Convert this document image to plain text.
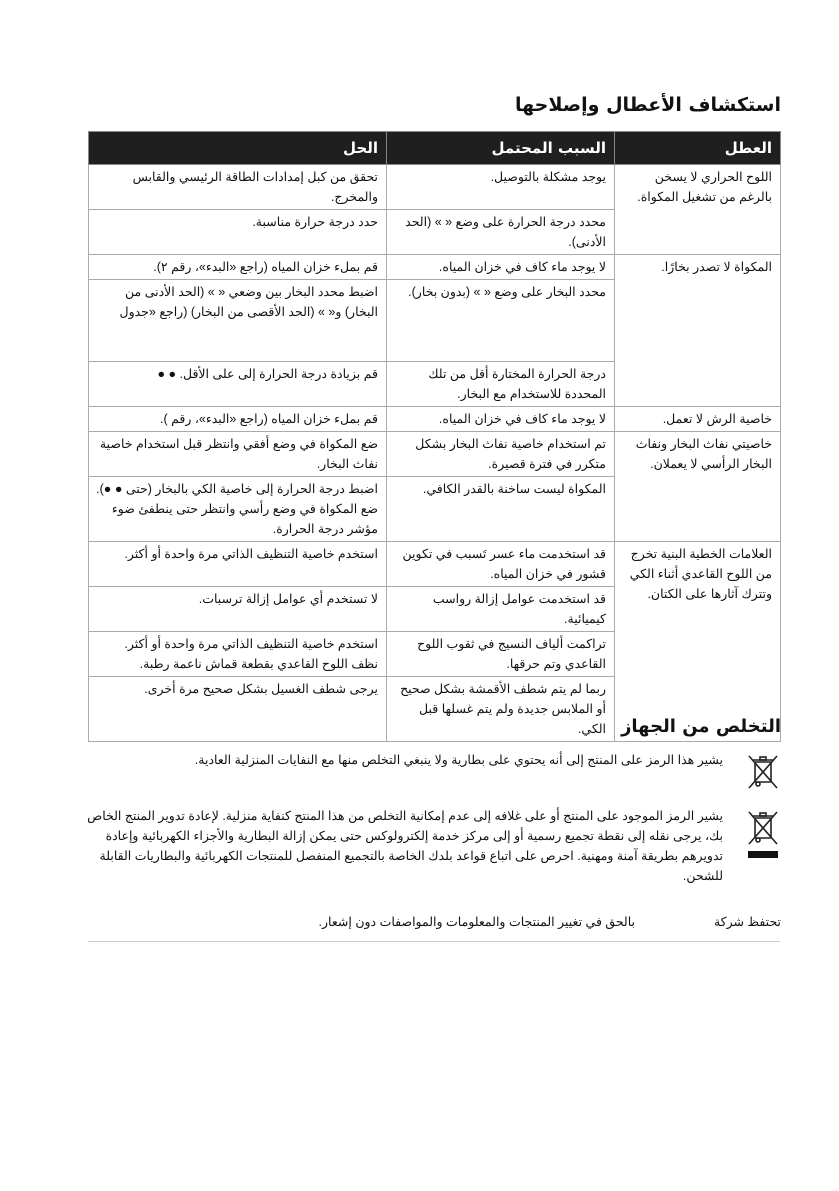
استكشاف الأعطال وإصلاحها
العطل	السبب المحتمل	الحل
اللوح الحراري لا يسخن بالرغم من تشغيل المكواة.	يوجد مشكلة بالتوصيل.	تحقق من كبل إمدادات الطاقة الرئيسي والقابس والمخرج.
	محدد درجة الحرارة على وضع « » (الحد الأدنى).	حدد درجة حرارة مناسبة.
المكواة لا تصدر بخارًا.	لا يوجد ماء كاف في خزان المياه.	قم بملء خزان المياه (راجع «البدء»، رقم ٢).
	محدد البخار على وضع « » (بدون بخار).	اضبط محدد البخار بين وضعي « » (الحد الأدنى من البخار) و« » (الحد الأقصى من البخار) (راجع «جدول
	درجة الحرارة المختارة أقل من تلك المحددة للاستخدام مع البخار.	قم بزيادة درجة الحرارة إلى على الأقل. ● ●
خاصية الرش لا تعمل.	لا يوجد ماء كاف في خزان المياه.	قم بملء خزان المياه (راجع «البدء»، رقم ).
خاصيتي نفاث البخار ونفاث البخار الرأسي لا يعملان.	تم استخدام خاصية نفاث البخار بشكل متكرر في فترة قصيرة.	ضع المكواة في وضع أفقي وانتظر قبل استخدام خاصية نفاث البخار.
	المكواة ليست ساخنة بالقدر الكافي.	اضبط درجة الحرارة إلى خاصية الكي بالبخار (حتى ● ●). ضع المكواة في وضع رأسي وانتظر حتى ينطفئ ضوء مؤشر درجة الحرارة.
العلامات الخطية البنية تخرج من اللوح القاعدي أثناء الكي وتترك آثارها على الكتان.	قد استخدمت ماء عسر تَسبب في تكوين قشور في خزان المياه.	استخدم خاصية التنظيف الذاتي مرة واحدة أو أكثر.
	قد استخدمت عوامل إزالة رواسب كيميائية.	لا تستخدم أي عوامل إزالة ترسبات.
	تراكمت ألياف النسيج في ثقوب اللوح القاعدي وتم حرقها.	استخدم خاصية التنظيف الذاتي مرة واحدة أو أكثر. نظف اللوح القاعدي بقطعة قماش ناعمة رطبة.
	ربما لم يتم شطف الأقمشة بشكل صحيح أو الملابس جديدة ولم يتم غسلها قبل الكي.	يرجى شطف الغسيل بشكل صحيح مرة أخرى.
التخلص من الجهاز
يشير هذا الرمز على المنتج إلى أنه يحتوي على بطارية ولا ينبغي التخلص منها مع النفايات المنزلية العادية.
يشير الرمز الموجود على المنتج أو على غلافه إلى عدم إمكانية التخلص من هذا المنتج كنفاية منزلية. لإعادة تدوير المنتج الخاص بك، يرجى نقله إلى نقطة تجميع رسمية أو إلى مركز خدمة إلكترولوكس حتى يمكن إزالة البطارية والأجزاء الكهربائية وإعادة تدويرهم بطريقة آمنة ومهنية. احرص على اتباع قواعد بلدك الخاصة بالتجميع المنفصل للمنتجات الكهربائية والبطاريات القابلة للشحن.
تحتفظ شركة
بالحق في تغيير المنتجات والمعلومات والمواصفات دون إشعار.
